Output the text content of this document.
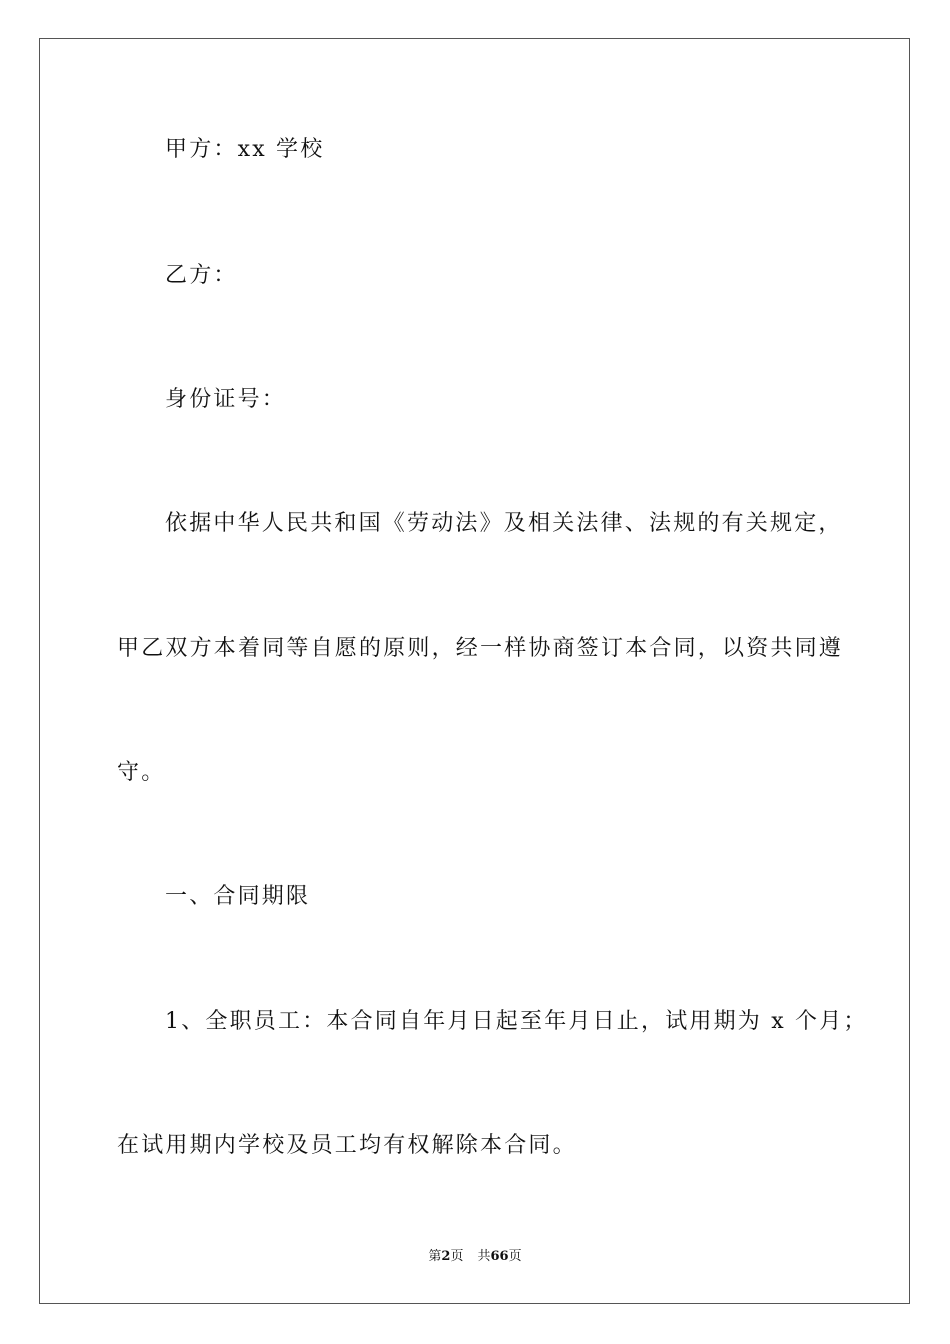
甲方：xx 学校
乙方：
身份证号：
依据中华人民共和国《劳动法》及相关法律、法规的有关规定，
甲乙双方本着同等自愿的原则，经一样协商签订本合同，以资共同遵
守。
一、合同期限
1、全职员工：本合同自年月日起至年月日止，试用期为 x 个月；
在试用期内学校及员工均有权解除本合同。
第2页 共66页
